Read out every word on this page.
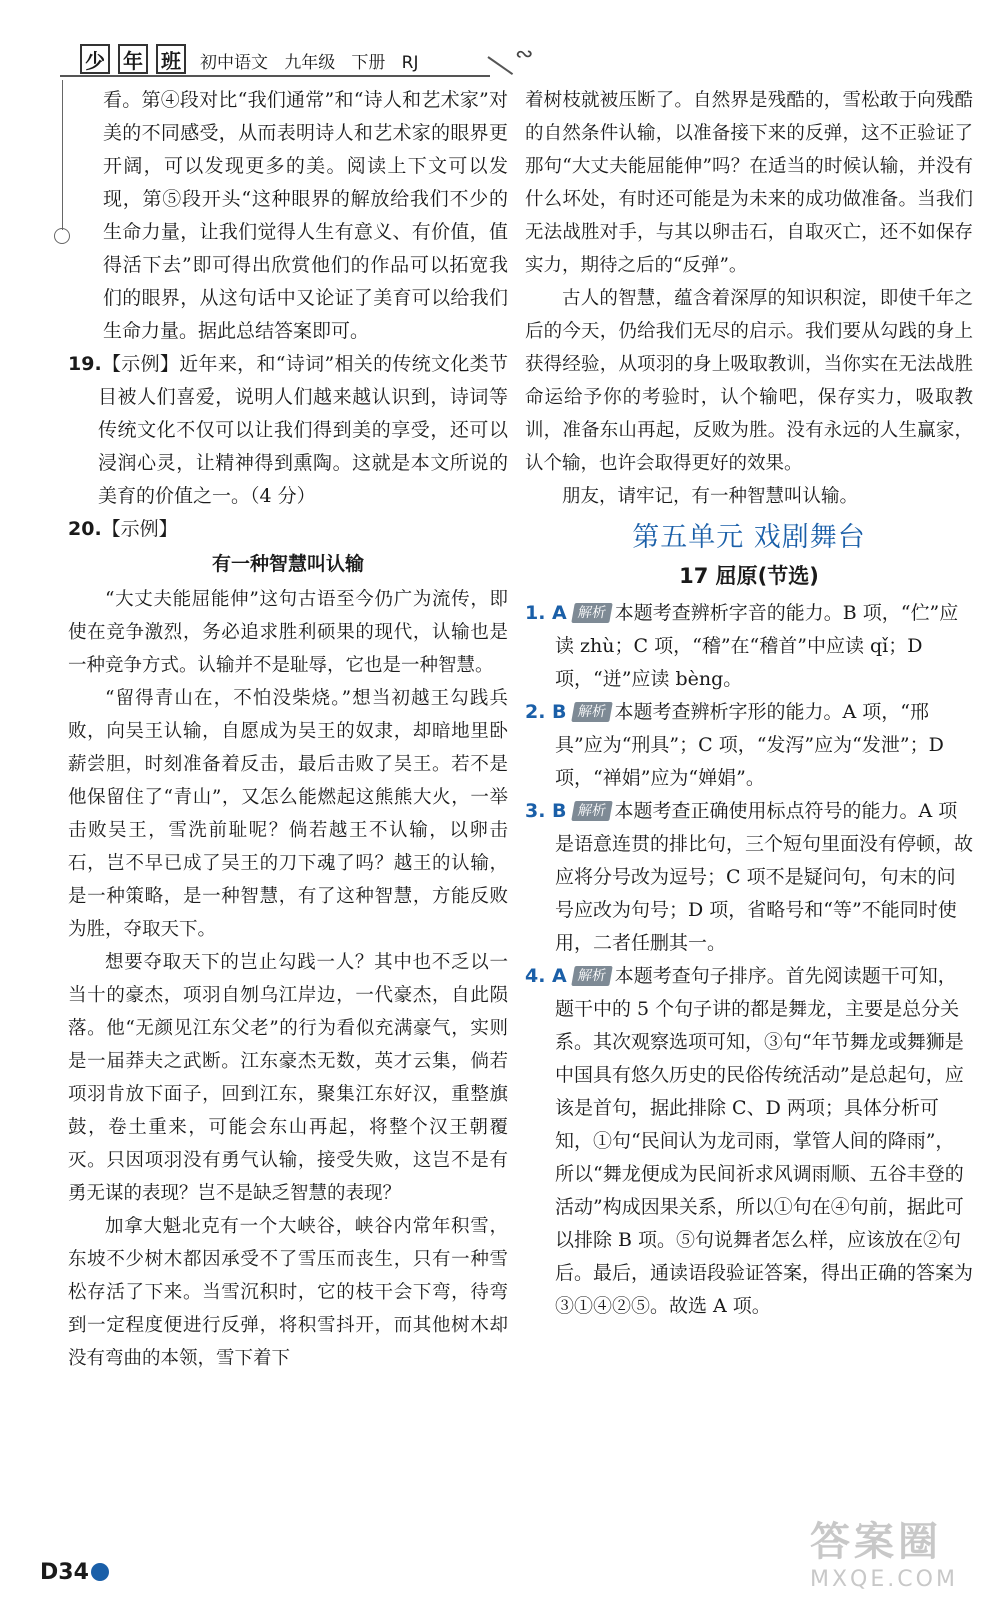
少 年 班 初中语文   九年级   下册   RJ	∾

看。第④段对比“我们通常”和“诗人和艺术家”对美的不同感受，从而表明诗人和艺术家的眼界更开阔，可以发现更多的美。阅读上下文可以发现，第⑤段开头“这种眼界的解放给我们不少的生命力量，让我们觉得人生有意义、有价值，值得活下去”即可得出欣赏他们的作品可以拓宽我们的眼界，从这句话中又论证了美育可以给我们生命力量。据此总结答案即可。

19.【示例】近年来，和“诗词”相关的传统文化类节目被人们喜爱，说明人们越来越认识到，诗词等传统文化不仅可以让我们得到美的享受，还可以浸润心灵，让精神得到熏陶。这就是本文所说的美育的价值之一。（4 分）

20.【示例】

有一种智慧叫认输

“大丈夫能屈能伸”这句古语至今仍广为流传，即使在竞争激烈，务必追求胜利硕果的现代，认输也是一种竞争方式。认输并不是耻辱，它也是一种智慧。

“留得青山在，不怕没柴烧。”想当初越王勾践兵败，向吴王认输，自愿成为吴王的奴隶，却暗地里卧薪尝胆，时刻准备着反击，最后击败了吴王。若不是他保留住了“青山”，又怎么能燃起这熊熊大火，一举击败吴王，雪洗前耻呢？倘若越王不认输，以卵击石，岂不早已成了吴王的刀下魂了吗？越王的认输，是一种策略，是一种智慧，有了这种智慧，方能反败为胜，夺取天下。

想要夺取天下的岂止勾践一人？其中也不乏以一当十的豪杰，项羽自刎乌江岸边，一代豪杰，自此陨落。他“无颜见江东父老”的行为看似充满豪气，实则是一届莽夫之武断。江东豪杰无数，英才云集，倘若项羽肯放下面子，回到江东，聚集江东好汉，重整旗鼓，卷土重来，可能会东山再起，将整个汉王朝覆灭。只因项羽没有勇气认输，接受失败，这岂不是有勇无谋的表现？岂不是缺乏智慧的表现？

加拿大魁北克有一个大峡谷，峡谷内常年积雪，东坡不少树木都因承受不了雪压而丧生，只有一种雪松存活了下来。当雪沉积时，它的枝干会下弯，待弯到一定程度便进行反弹，将积雪抖开，而其他树木却没有弯曲的本领，雪下着下

着树枝就被压断了。自然界是残酷的，雪松敢于向残酷的自然条件认输，以准备接下来的反弹，这不正验证了那句“大丈夫能屈能伸”吗？在适当的时候认输，并没有什么坏处，有时还可能是为未来的成功做准备。当我们无法战胜对手，与其以卵击石，自取灭亡，还不如保存实力，期待之后的“反弹”。

古人的智慧，蕴含着深厚的知识积淀，即使千年之后的今天，仍给我们无尽的启示。我们要从勾践的身上获得经验，从项羽的身上吸取教训，当你实在无法战胜命运给予你的考验时，认个输吧，保存实力，吸取教训，准备东山再起，反败为胜。没有永远的人生赢家，认个输，也许会取得更好的效果。

朋友，请牢记，有一种智慧叫认输。

第五单元 戏剧舞台
17 屈原(节选)
1. A 解析 本题考查辨析字音的能力。B 项，“伫”应读 zhù；C 项，“稽”在“稽首”中应读 qǐ；D 项，“迸”应读 bèng。
2. B 解析 本题考查辨析字形的能力。A 项，“邢具”应为“刑具”；C 项，“发泻”应为“发泄”；D 项，“禅娟”应为“婵娟”。
3. B 解析 本题考查正确使用标点符号的能力。A 项是语意连贯的排比句，三个短句里面没有停顿，故应将分号改为逗号；C 项不是疑问句，句末的问号应改为句号；D 项，省略号和“等”不能同时使用，二者任删其一。
4. A 解析 本题考查句子排序。首先阅读题干可知，题干中的 5 个句子讲的都是舞龙，主要是总分关系。其次观察选项可知，③句“年节舞龙或舞狮是中国具有悠久历史的民俗传统活动”是总起句，应该是首句，据此排除 C、D 两项；具体分析可知，①句“民间认为龙司雨，掌管人间的降雨”，所以“舞龙便成为民间祈求风调雨顺、五谷丰登的活动”构成因果关系，所以①句在④句前，据此可以排除 B 项。⑤句说舞者怎么样，应该放在②句后。最后，通读语段验证答案，得出正确的答案为③①④②⑤。故选 A 项。
D34
答案圈
MXQE.COM
